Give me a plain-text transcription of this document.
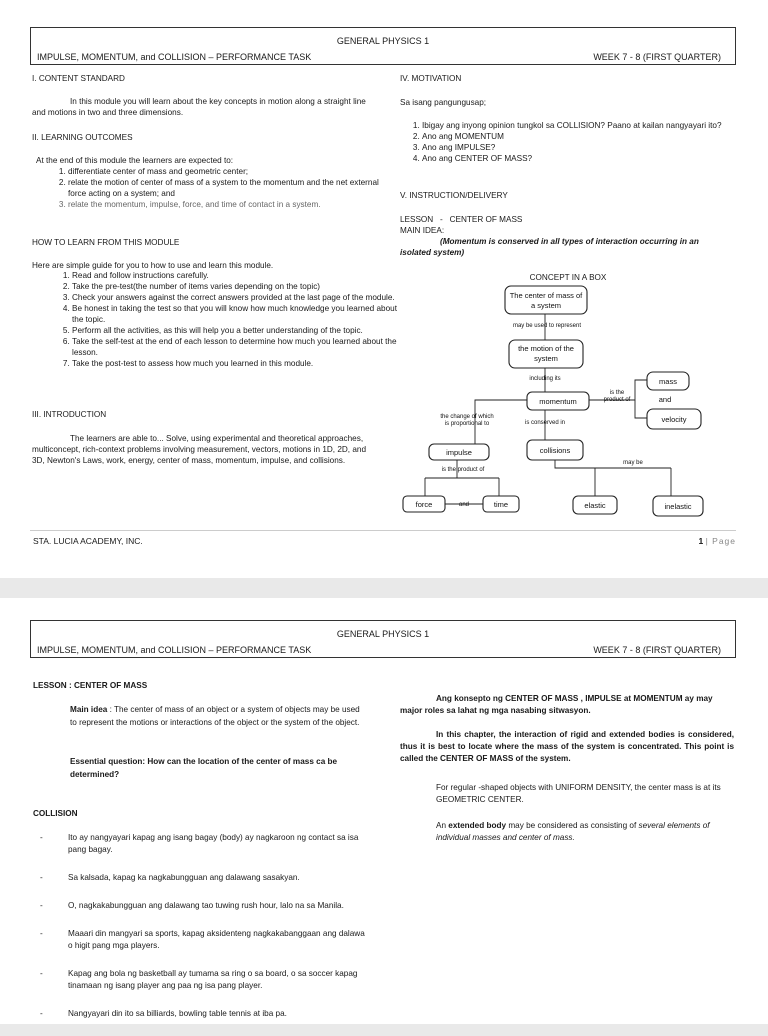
GENERAL PHYSICS 1
IMPULSE, MOMENTUM, and COLLISION – PERFORMANCE TASK	WEEK 7 - 8 (FIRST QUARTER)
I. CONTENT STANDARD
In this module you will learn about the key concepts in motion along a straight line and motions in two and three dimensions.
II. LEARNING OUTCOMES
At the end of this module the learners are expected to:
1. differentiate center of mass and geometric center;
2. relate the motion of center of mass of a system to the momentum and the net external force acting on a system; and
3. relate the momentum, impulse, force, and time of contact in a system.
HOW TO LEARN FROM THIS MODULE
Here are simple guide for you to how to use and learn this module.
1. Read and follow instructions carefully.
2. Take the pre-test(the number of items varies depending on the topic)
3. Check your answers against the correct answers provided at the last page of the module.
4. Be honest in taking the test so that you will know how much knowledge you learned about the topic.
5. Perform all the activities, as this will help you a better understanding of the topic.
6. Take the self-test at the end of each lesson to determine how much you learned about the lesson.
7. Take the post-test to assess how much you learned in this module.
III. INTRODUCTION
The learners are able to... Solve, using experimental and theoretical approaches, multiconcept, rich-context problems involving measurement, vectors, motions in 1D, 2D, and 3D, Newton's Laws, work, energy, center of mass, momentum, impulse, and collisions.
IV. MOTIVATION
Sa isang pangungusap;
1. Ibigay ang inyong opinion tungkol sa COLLISION? Paano at kailan nangyayari ito?
2. Ano ang MOMENTUM
3. Ano ang IMPULSE?
4. Ano ang CENTER OF MASS?
V. INSTRUCTION/DELIVERY
LESSON   -   CENTER OF MASS
MAIN IDEA:
(Momentum is conserved in all types of interaction occurring in an isolated system)
CONCEPT IN A BOX
The center of mass of
a system
may be used to represent
the motion of the
system
including its
momentum
is the
product of
mass
and
velocity
the change of which
is proportional to	is conserved in
impulse	collisions
is the product of
may be
force	and	time	elastic	inelastic
STA. LUCIA ACADEMY, INC.	1 | Page
GENERAL PHYSICS 1
IMPULSE, MOMENTUM, and COLLISION – PERFORMANCE TASK	WEEK 7 - 8 (FIRST QUARTER)
LESSON : CENTER OF MASS
Main idea : The center of mass of an object or a system of objects may be used to represent the motions or interactions of the object or the system of the object.
Essential question: How can the location of the center of mass ca be determined?
COLLISION
- Ito ay nangyayari kapag ang isang bagay (body) ay nagkaroon ng contact sa isa pang bagay.
- Sa kalsada, kapag ka nagkabungguan ang dalawang sasakyan.
- O, nagkakabungguan ang dalawang tao tuwing rush hour, lalo na sa Manila.
- Maaari din mangyari sa sports, kapag aksidenteng nagkakabanggaan ang dalawa o higit pang mga players.
- Kapag ang bola ng basketball ay tumama sa ring o sa board, o sa soccer kapag tinamaan ng isang player ang paa ng isa pang player.
- Nangyayari din ito sa billiards, bowling table tennis at iba pa.
Ang konsepto ng CENTER OF MASS , IMPULSE at MOMENTUM ay may major roles sa lahat ng mga nasabing sitwasyon.
In this chapter, the interaction of rigid and extended bodies is considered, thus it is best to locate where the mass of the system is concentrated. This point is called the CENTER OF MASS of the system.
For regular -shaped objects with UNIFORM DENSITY, the center mass is at its GEOMETRIC CENTER.
An extended body may be considered as consisting of several elements of individual masses and center of mass.
